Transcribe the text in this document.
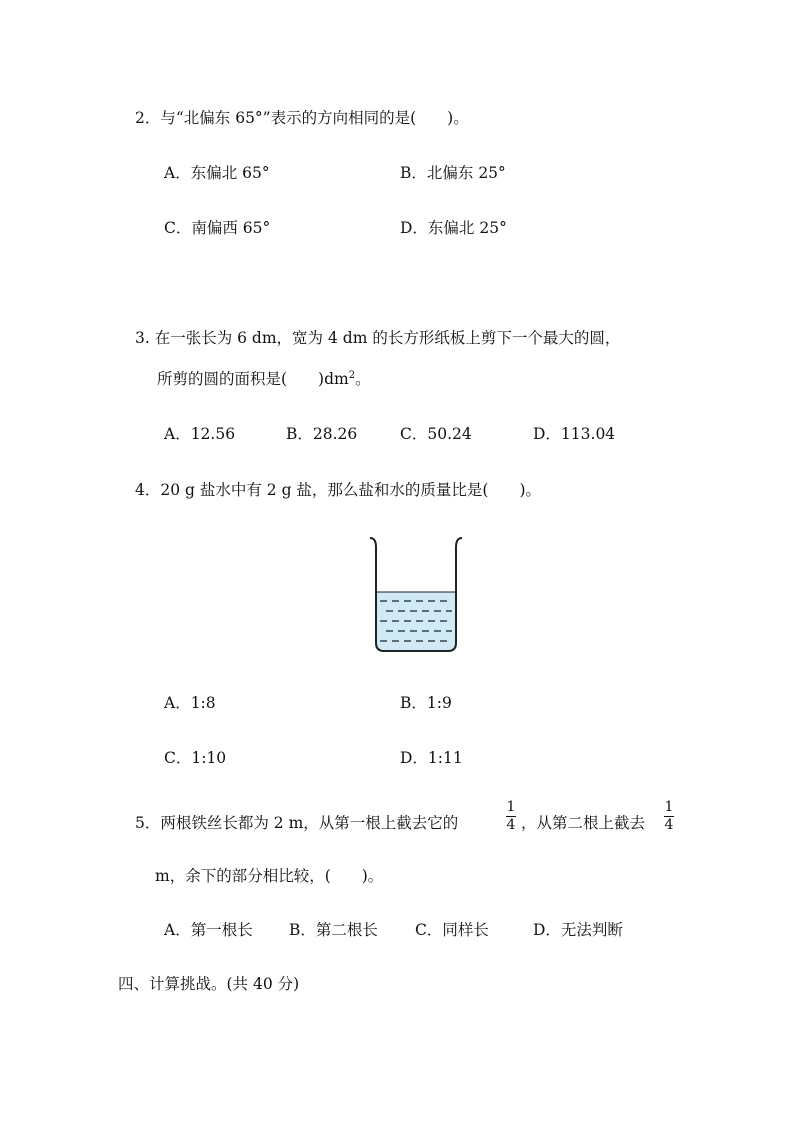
2．与“北偏东 65°”表示的方向相同的是(　　)。
A．东偏北 65°	B．北偏东 25°
C．南偏西 65°	D．东偏北 25°
3. 在一张长为 6 dm，宽为 4 dm 的长方形纸板上剪下一个最大的圆，
所剪的圆的面积是(　　)$dm^2$。
A．12.56	B．28.26	C．50.24	D．113.04
4．20 g 盐水中有 2 g 盐，那么盐和水的质量比是(　　)。
A．1:8	B．1:9
C．1:10	D．1:11
5．两根铁丝长都为 2 m，从第一根上截去它的
1
4 ，从第二根上截去
1
4
m，余下的部分相比较，(　　)。
A．第一根长 B．第二根长 C．同样长	D．无法判断
四、计算挑战。(共 40 分)
